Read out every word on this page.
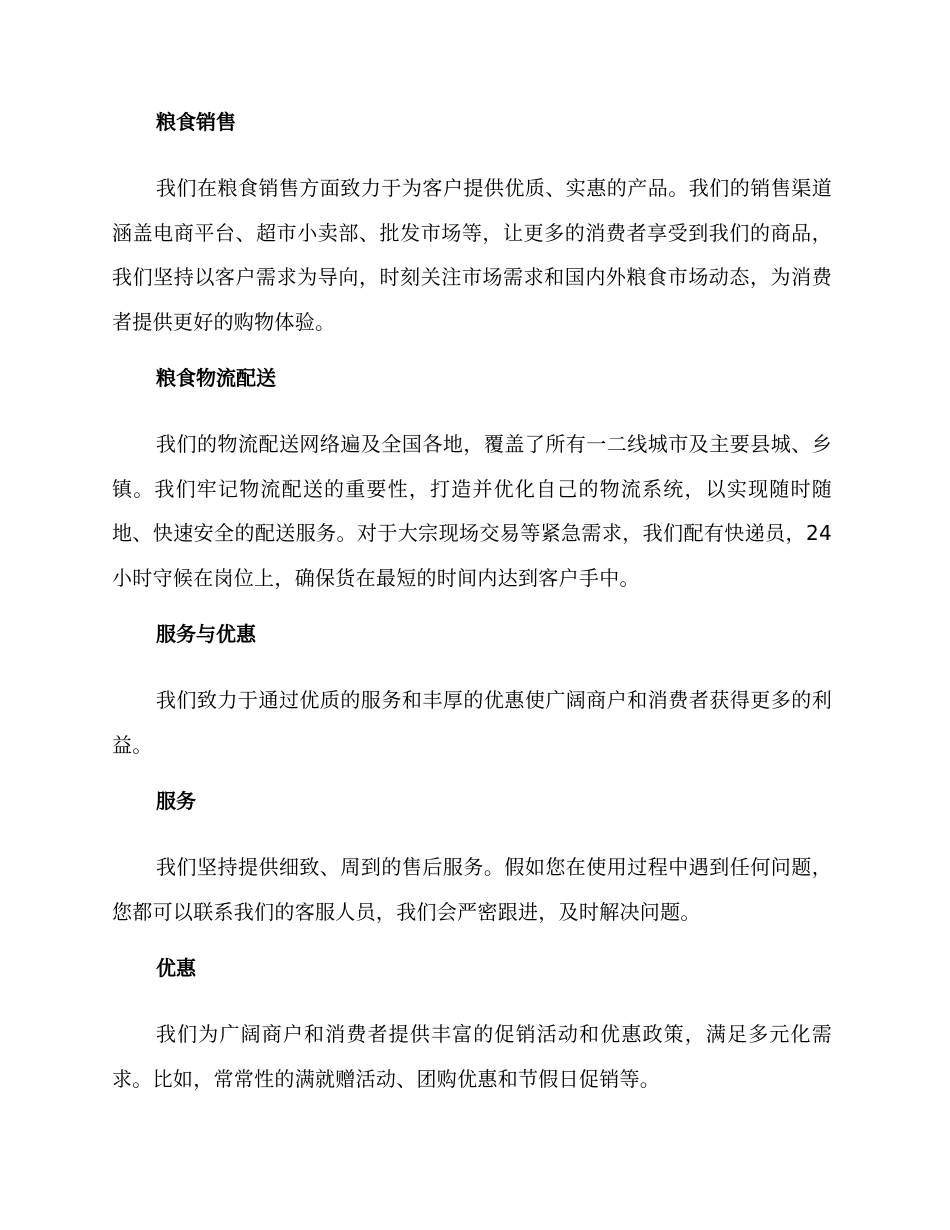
粮食销售

我们在粮食销售方面致力于为客户提供优质、实惠的产品。我们的销售渠道涵盖电商平台、超市小卖部、批发市场等，让更多的消费者享受到我们的商品，我们坚持以客户需求为导向，时刻关注市场需求和国内外粮食市场动态，为消费者提供更好的购物体验。

粮食物流配送

我们的物流配送网络遍及全国各地，覆盖了所有一二线城市及主要县城、乡镇。我们牢记物流配送的重要性，打造并优化自己的物流系统，以实现随时随地、快速安全的配送服务。对于大宗现场交易等紧急需求，我们配有快递员，24小时守候在岗位上，确保货在最短的时间内达到客户手中。

服务与优惠

我们致力于通过优质的服务和丰厚的优惠使广阔商户和消费者获得更多的利益。

服务

我们坚持提供细致、周到的售后服务。假如您在使用过程中遇到任何问题，您都可以联系我们的客服人员，我们会严密跟进，及时解决问题。

优惠

我们为广阔商户和消费者提供丰富的促销活动和优惠政策，满足多元化需求。比如，常常性的满就赠活动、团购优惠和节假日促销等。
